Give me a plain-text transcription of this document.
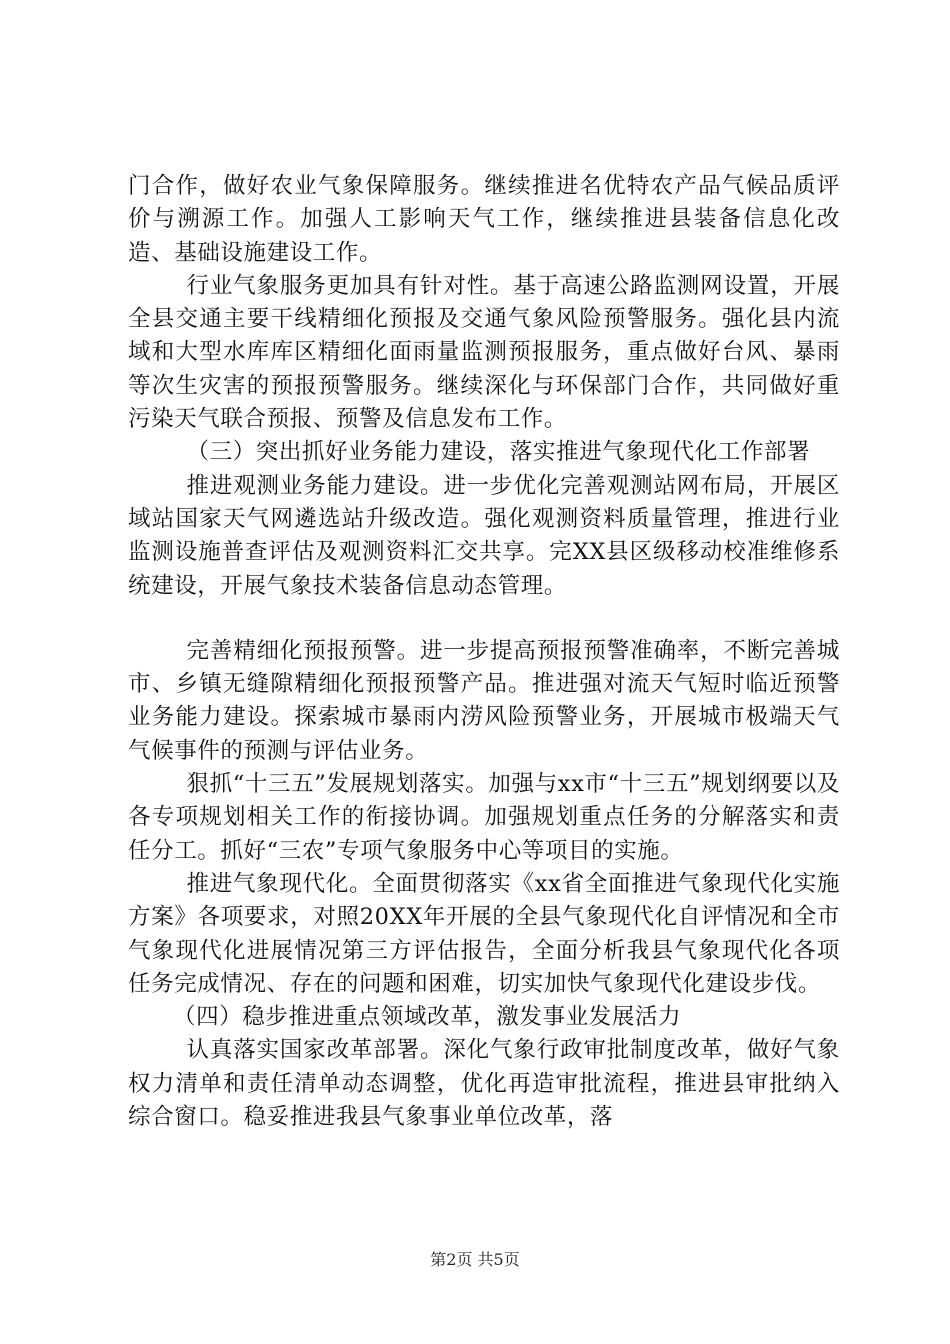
门合作，做好农业气象保障服务。继续推进名优特农产品气候品质评价与溯源工作。加强人工影响天气工作，继续推进县装备信息化改造、基础设施建设工作。

行业气象服务更加具有针对性。基于高速公路监测网设置，开展全县交通主要干线精细化预报及交通气象风险预警服务。强化县内流域和大型水库库区精细化面雨量监测预报服务，重点做好台风、暴雨等次生灾害的预报预警服务。继续深化与环保部门合作，共同做好重污染天气联合预报、预警及信息发布工作。

（三）突出抓好业务能力建设，落实推进气象现代化工作部署

推进观测业务能力建设。进一步优化完善观测站网布局，开展区域站国家天气网遴选站升级改造。强化观测资料质量管理，推进行业监测设施普查评估及观测资料汇交共享。完XX县区级移动校准维修系统建设，开展气象技术装备信息动态管理。

完善精细化预报预警。进一步提高预报预警准确率，不断完善城市、乡镇无缝隙精细化预报预警产品。推进强对流天气短时临近预警业务能力建设。探索城市暴雨内涝风险预警业务，开展城市极端天气气候事件的预测与评估业务。

狠抓“十三五”发展规划落实。加强与xx市“十三五”规划纲要以及各专项规划相关工作的衔接协调。加强规划重点任务的分解落实和责任分工。抓好“三农”专项气象服务中心等项目的实施。

推进气象现代化。全面贯彻落实《xx省全面推进气象现代化实施方案》各项要求，对照20XX年开展的全县气象现代化自评情况和全市气象现代化进展情况第三方评估报告，全面分析我县气象现代化各项任务完成情况、存在的问题和困难，切实加快气象现代化建设步伐。

（四）稳步推进重点领域改革，激发事业发展活力

认真落实国家改革部署。深化气象行政审批制度改革，做好气象权力清单和责任清单动态调整，优化再造审批流程，推进县审批纳入综合窗口。稳妥推进我县气象事业单位改革，落

第2页 共5页
